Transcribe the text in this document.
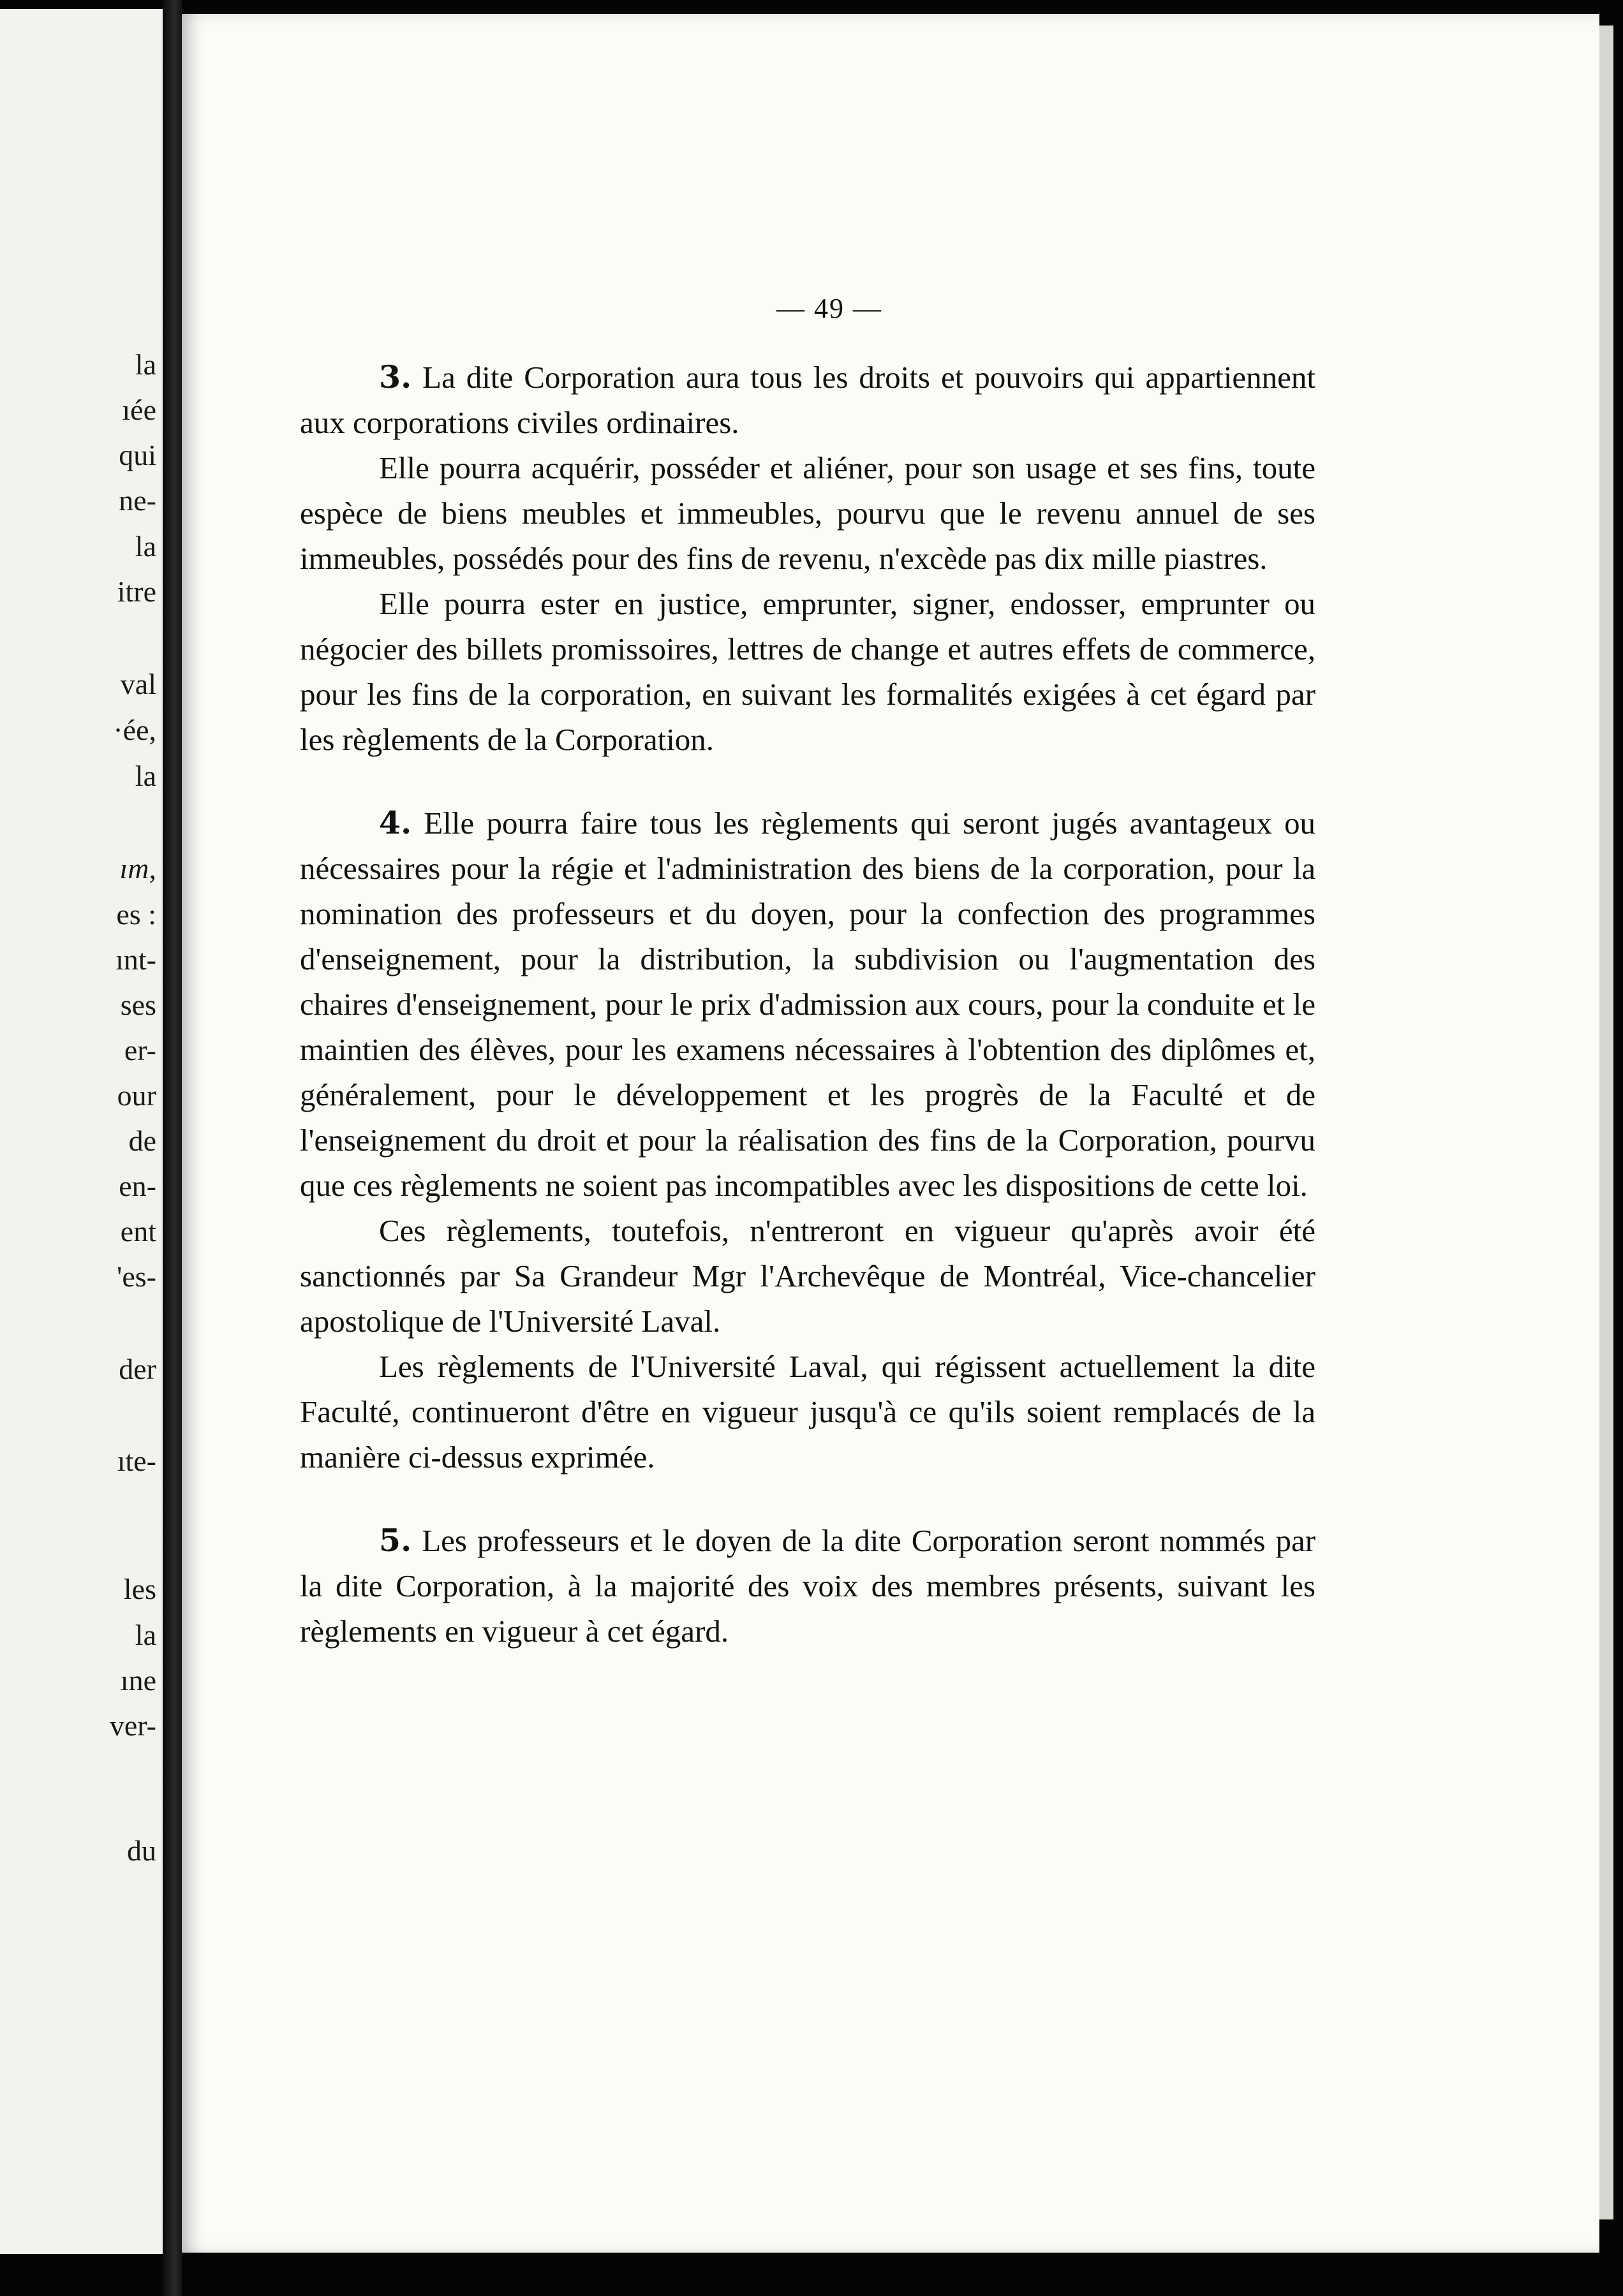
la
ıée
qui
ne-
la
itre
val
·ée,
la
ım,
es :
ınt-
ses
er-
our
de
en-
ent
'es-
der
ıte-
les
la
ıne
ver-
du
— 49 —

3. La dite Corporation aura tous les droits et pouvoirs qui appartiennent aux corporations civiles ordinaires.

Elle pourra acquérir, posséder et aliéner, pour son usage et ses fins, toute espèce de biens meubles et immeubles, pourvu que le revenu annuel de ses immeubles, possédés pour des fins de revenu, n'excède pas dix mille piastres.

Elle pourra ester en justice, emprunter, signer, endosser, emprunter ou négocier des billets promissoires, lettres de change et autres effets de commerce, pour les fins de la corporation, en suivant les formalités exigées à cet égard par les règlements de la Corporation.

4. Elle pourra faire tous les règlements qui seront jugés avantageux ou nécessaires pour la régie et l'administration des biens de la corporation, pour la nomination des professeurs et du doyen, pour la confection des programmes d'enseignement, pour la distribution, la subdivision ou l'augmentation des chaires d'enseignement, pour le prix d'admission aux cours, pour la conduite et le maintien des élèves, pour les examens nécessaires à l'obtention des diplômes et, généralement, pour le développement et les progrès de la Faculté et de l'enseignement du droit et pour la réalisation des fins de la Corporation, pourvu que ces règlements ne soient pas incompatibles avec les dispositions de cette loi.

Ces règlements, toutefois, n'entreront en vigueur qu'après avoir été sanctionnés par Sa Grandeur Mgr l'Archevêque de Montréal, Vice-chancelier apostolique de l'Université Laval.

Les règlements de l'Université Laval, qui régissent actuellement la dite Faculté, continueront d'être en vigueur jusqu'à ce qu'ils soient remplacés de la manière ci-dessus exprimée.

5. Les professeurs et le doyen de la dite Corporation seront nommés par la dite Corporation, à la majorité des voix des membres présents, suivant les règlements en vigueur à cet égard.
